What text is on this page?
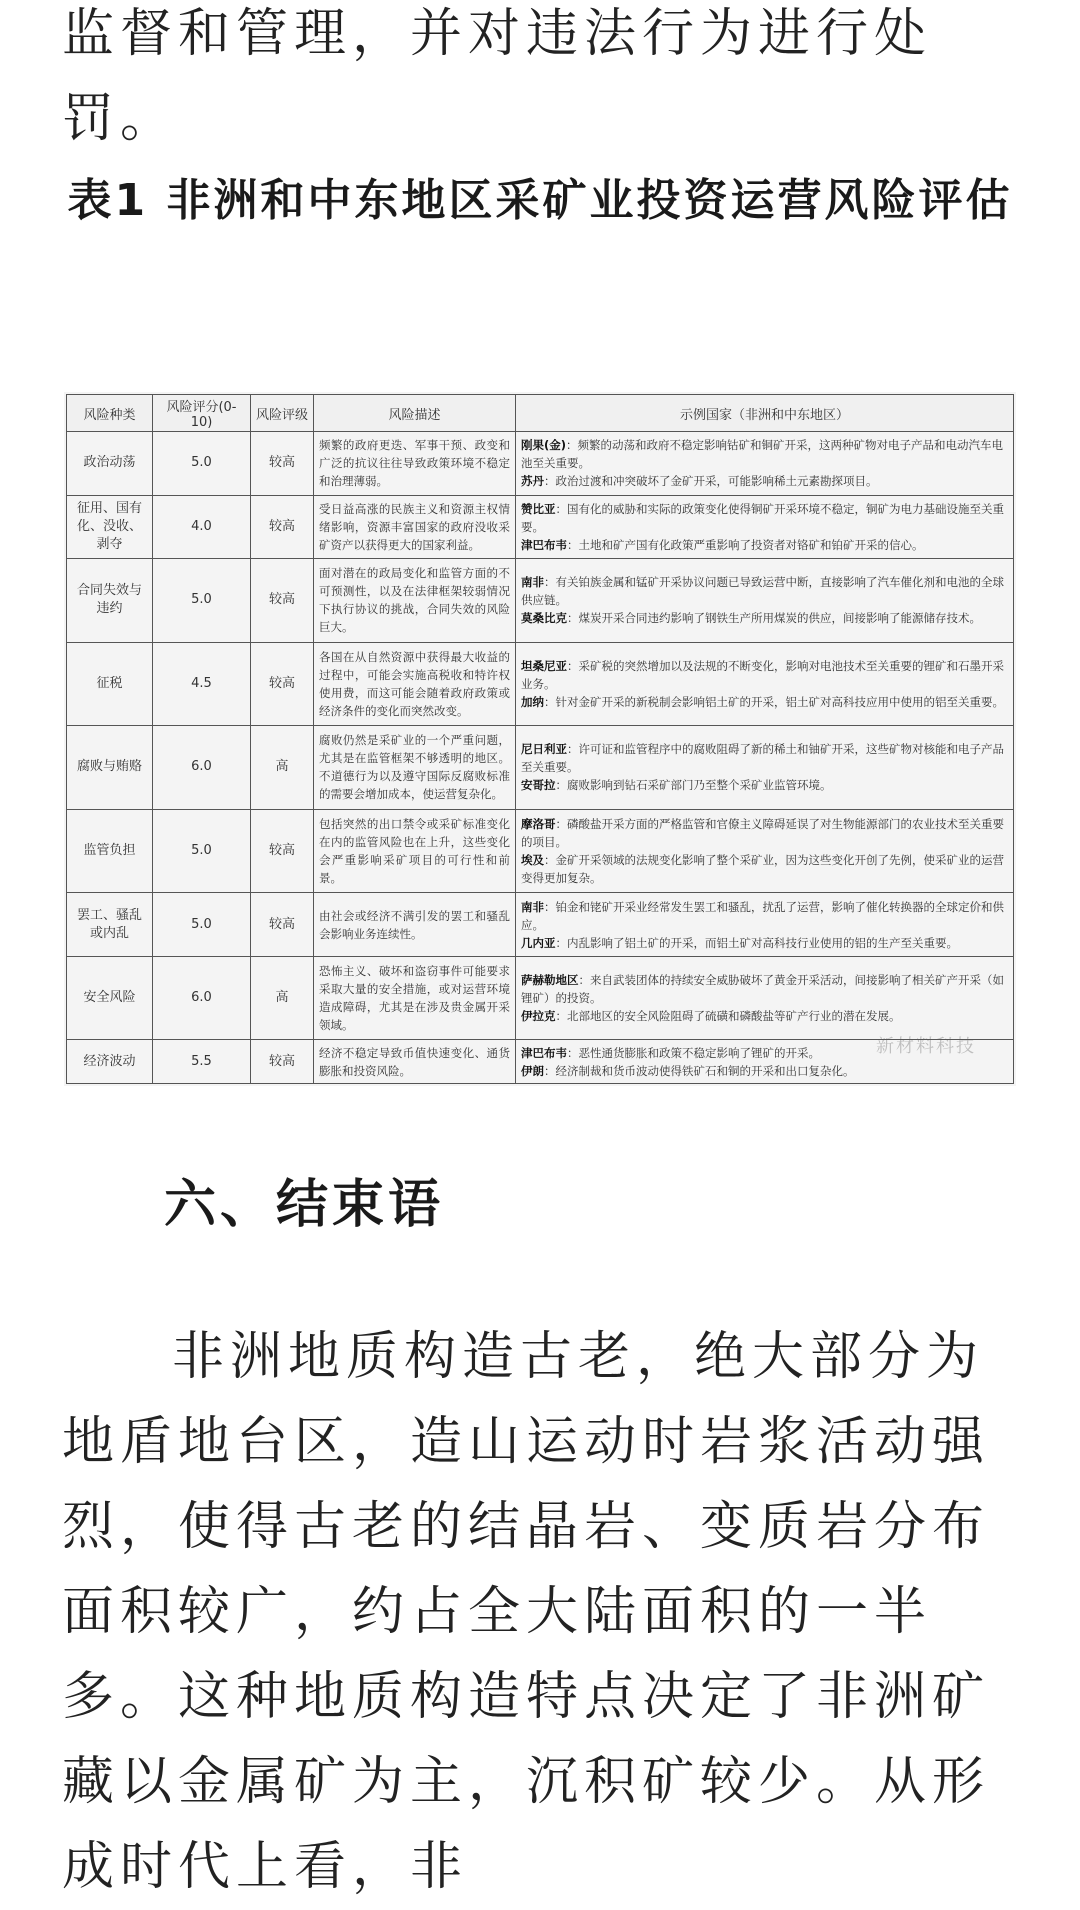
监督和管理，并对违法行为进行处罚。

表1 非洲和中东地区采矿业投资运营风险评估
风险种类	风险评分(0-10)	风险评级	风险描述	示例国家（非洲和中东地区）
政治动荡	5.0	较高	频繁的政府更迭、军事干预、政变和广泛的抗议往往导致政策环境不稳定和治理薄弱。	刚果(金)：频繁的动荡和政府不稳定影响钴矿和铜矿开采，这两种矿物对电子产品和电动汽车电池至关重要。
苏丹：政治过渡和冲突破坏了金矿开采，可能影响稀土元素勘探项目。

征用、国有化、没收、剥夺	4.0	较高	受日益高涨的民族主义和资源主权情绪影响，资源丰富国家的政府没收采矿资产以获得更大的国家利益。	赞比亚：国有化的威胁和实际的政策变化使得铜矿开采环境不稳定，铜矿为电力基础设施至关重要。
津巴布韦：土地和矿产国有化政策严重影响了投资者对铬矿和铂矿开采的信心。

合同失效与违约	5.0	较高	面对潜在的政局变化和监管方面的不可预测性，以及在法律框架较弱情况下执行协议的挑战，合同失效的风险巨大。	南非：有关铂族金属和锰矿开采协议问题已导致运营中断，直接影响了汽车催化剂和电池的全球供应链。
莫桑比克：煤炭开采合同违约影响了钢铁生产所用煤炭的供应，间接影响了能源储存技术。

征税	4.5	较高	各国在从自然资源中获得最大收益的过程中，可能会实施高税收和特许权使用费，而这可能会随着政府政策或经济条件的变化而突然改变。	坦桑尼亚：采矿税的突然增加以及法规的不断变化，影响对电池技术至关重要的锂矿和石墨开采业务。
加纳：针对金矿开采的新税制会影响铝土矿的开采，铝土矿对高科技应用中使用的铝至关重要。

腐败与贿赂	6.0	高	腐败仍然是采矿业的一个严重问题，尤其是在监管框架不够透明的地区。不道德行为以及遵守国际反腐败标准的需要会增加成本，使运营复杂化。	尼日利亚：许可证和监管程序中的腐败阻碍了新的稀土和铀矿开采，这些矿物对核能和电子产品至关重要。
安哥拉：腐败影响到钻石采矿部门乃至整个采矿业监管环境。

监管负担	5.0	较高	包括突然的出口禁令或采矿标准变化在内的监管风险也在上升，这些变化会严重影响采矿项目的可行性和前景。	摩洛哥：磷酸盐开采方面的严格监管和官僚主义障碍延误了对生物能源部门的农业技术至关重要的项目。
埃及：金矿开采领域的法规变化影响了整个采矿业，因为这些变化开创了先例，使采矿业的运营变得更加复杂。

罢工、骚乱或内乱	5.0	较高	由社会或经济不满引发的罢工和骚乱会影响业务连续性。	南非：铂金和铑矿开采业经常发生罢工和骚乱，扰乱了运营，影响了催化转换器的全球定价和供应。
几内亚：内乱影响了铝土矿的开采，而铝土矿对高科技行业使用的铝的生产至关重要。

安全风险	6.0	高	恐怖主义、破坏和盗窃事件可能要求采取大量的安全措施，或对运营环境造成障碍，尤其是在涉及贵金属开采领域。	萨赫勒地区：来自武装团体的持续安全威胁破坏了黄金开采活动，间接影响了相关矿产开采（如锂矿）的投资。
伊拉克：北部地区的安全风险阻碍了硫磺和磷酸盐等矿产行业的潜在发展。

经济波动	5.5	较高	经济不稳定导致币值快速变化、通货膨胀和投资风险。	津巴布韦：恶性通货膨胀和政策不稳定影响了锂矿的开采。
伊朗：经济制裁和货币波动使得铁矿石和铜的开采和出口复杂化。
新材料科技
六、结束语

非洲地质构造古老，绝大部分为地盾地台区，造山运动时岩浆活动强烈，使得古老的结晶岩、变质岩分布面积较广，约占全大陆面积的一半多。这种地质构造特点决定了非洲矿藏以金属矿为主，沉积矿较少。从形成时代上看，非
